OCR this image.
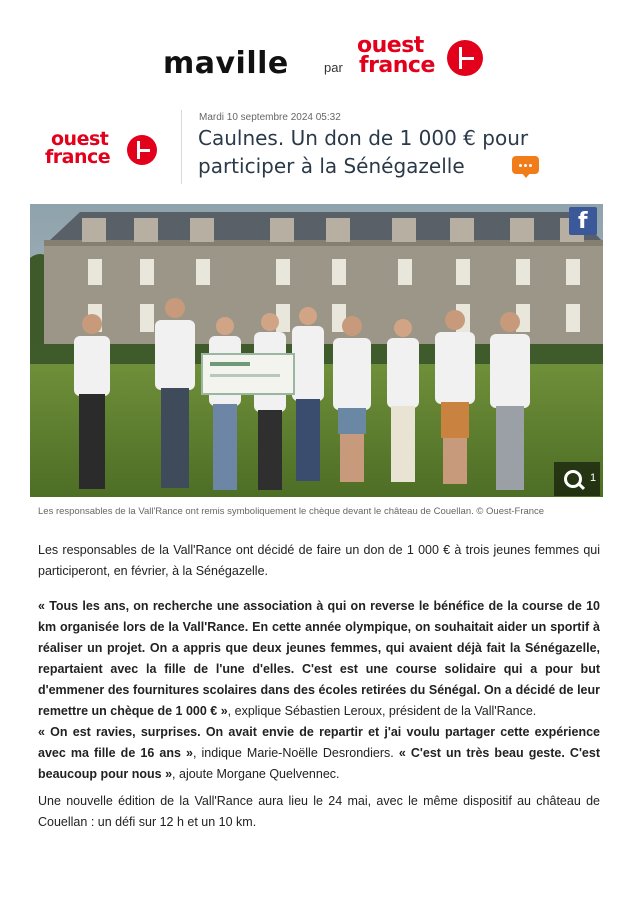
maville	par
ouest
france
ouest
france
Mardi 10 septembre 2024 05:32
Caulnes. Un don de 1 000 € pour participer à la Sénégazelle
f
1
Les responsables de la Vall'Rance ont remis symboliquement le chèque devant le château de Couellan. © Ouest-France
Les responsables de la Vall'Rance ont décidé de faire un don de 1 000 € à trois jeunes femmes qui participeront, en février, à la Sénégazelle.
« Tous les ans, on recherche une association à qui on reverse le bénéfice de la course de 10 km organisée lors de la Vall'Rance. En cette année olympique, on souhaitait aider un sportif à réaliser un projet. On a appris que deux jeunes femmes, qui avaient déjà fait la Sénégazelle, repartaient avec la fille de l'une d'elles. C'est est une course solidaire qui a pour but d'emmener des fournitures scolaires dans des écoles retirées du Sénégal. On a décidé de leur remettre un chèque de 1 000 € », explique Sébastien Leroux, président de la Vall'Rance.
« On est ravies, surprises. On avait envie de repartir et j'ai voulu partager cette expérience avec ma fille de 16 ans », indique Marie-Noëlle Desrondiers. « C'est un très beau geste. C'est beaucoup pour nous », ajoute Morgane Quelvennec.
Une nouvelle édition de la Vall'Rance aura lieu le 24 mai, avec le même dispositif au château de Couellan : un défi sur 12 h et un 10 km.
